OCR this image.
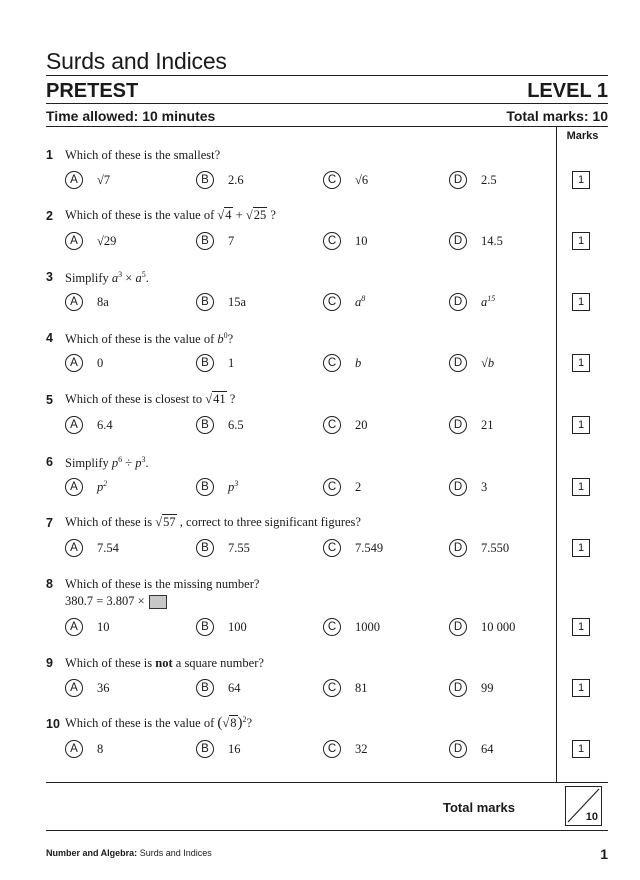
Surds and Indices
PRETEST	LEVEL 1
Time allowed: 10 minutes	Total marks: 10
Marks
1 Which of these is the smallest?
A	√7	B	2.6	C	√6	D	2.5	1
2 Which of these is the value of √4 + √25 ?
A	√29	B	7	C	10	D	14.5	1
3 Simplify $a^3 \times a^5$.
A	8a	B	15a	C	$a^8$	D	$a^{15}$	1
4 Which of these is the value of $b^0$?
A	0	B	1	C	b	D	√b	1
5 Which of these is closest to √41 ?
A	6.4	B	6.5	C	20	D	21	1
6 Simplify $p^6 \div p^3$.
A	$p^2$	B	$p^3$	C	2	D	3	1
7 Which of these is √57 , correct to three significant figures?
A	7.54	B	7.55	C	7.549	D	7.550	1
8 Which of these is the missing number?
380.7 = 3.807 ×
A	10	B	100	C	1000	D	10 000	1
9 Which of these is not a square number?
A	36	B	64	C	81	D	99	1
10 Which of these is the value of $(√8)^2$?
A	8	B	16	C	32	D	64	1
Total marks
10
Number and Algebra: Surds and Indices	1
